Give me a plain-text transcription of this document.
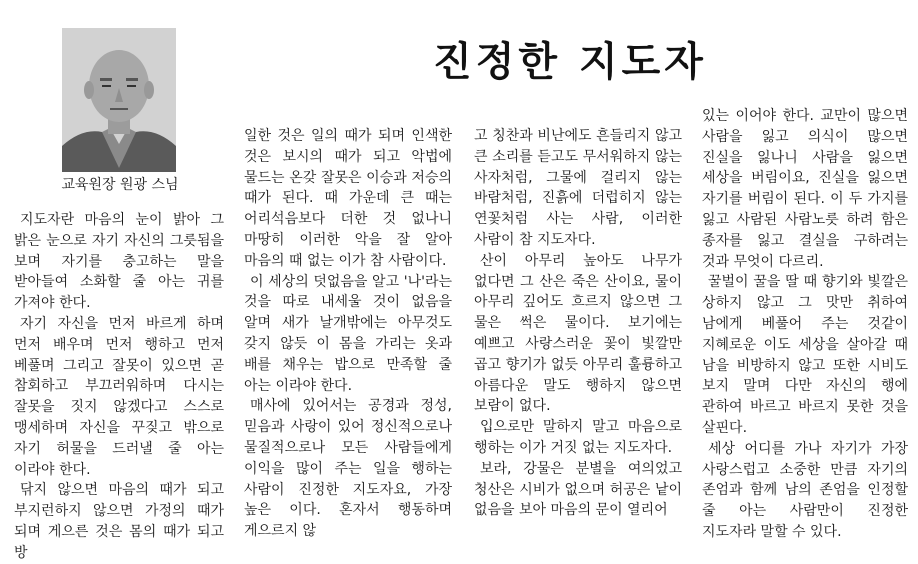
교육원장 원광 스님
진정한 지도자

지도자란 마음의 눈이 밝아 그 밝은 눈으로 자기 자신의 그릇됨을 보며 자기를 충고하는 말을 받아들여 소화할 줄 아는 귀를 가져야 한다.

자기 자신을 먼저 바르게 하며 먼저 배우며 먼저 행하고 먼저 베풀며 그리고 잘못이 있으면 곧 참회하고 부끄러워하며 다시는 잘못을 짓지 않겠다고 스스로 맹세하며 자신을 꾸짖고 밖으로 자기 허물을 드러낼 줄 아는 이라야 한다.

닦지 않으면 마음의 때가 되고 부지런하지 않으면 가정의 때가 되며 게으른 것은 몸의 때가 되고 방

일한 것은 일의 때가 되며 인색한 것은 보시의 때가 되고 악법에 물드는 온갖 잘못은 이승과 저승의 때가 된다. 때 가운데 큰 때는 어리석음보다 더한 것 없나니 마땅히 이러한 악을 잘 알아 마음의 때 없는 이가 참 사람이다.

이 세상의 덧없음을 알고 '나'라는 것을 따로 내세울 것이 없음을 알며 새가 날개밖에는 아무것도 갖지 않듯 이 몸을 가리는 옷과 배를 채우는 밥으로 만족할 줄 아는 이라야 한다.

매사에 있어서는 공경과 정성, 믿음과 사랑이 있어 정신적으로나 물질적으로나 모든 사람들에게 이익을 많이 주는 일을 행하는 사람이 진정한 지도자요, 가장 높은 이다. 혼자서 행동하며 게으르지 않

고 칭찬과 비난에도 흔들리지 않고 큰 소리를 듣고도 무서워하지 않는 사자처럼, 그물에 걸리지 않는 바람처럼, 진흙에 더럽히지 않는 연꽃처럼 사는 사람, 이러한 사람이 참 지도자다.

산이 아무리 높아도 나무가 없다면 그 산은 죽은 산이요, 물이 아무리 깊어도 흐르지 않으면 그 물은 썩은 물이다. 보기에는 예쁘고 사랑스러운 꽃이 빛깔만 곱고 향기가 없듯 아무리 훌륭하고 아름다운 말도 행하지 않으면 보람이 없다.

입으로만 말하지 말고 마음으로 행하는 이가 거짓 없는 지도자다.

보라, 강물은 분별을 여의었고 청산은 시비가 없으며 허공은 낱이 없음을 보아 마음의 문이 열리어

있는 이어야 한다. 교만이 많으면 사람을 잃고 의식이 많으면 진실을 잃나니 사람을 잃으면 세상을 버림이요, 진실을 잃으면 자기를 버림이 된다. 이 두 가지를 잃고 사람된 사람노릇 하려 함은 종자를 잃고 결실을 구하려는 것과 무엇이 다르리.

꿀벌이 꿀을 딸 때 향기와 빛깔은 상하지 않고 그 맛만 취하여 남에게 베풀어 주는 것같이 지혜로운 이도 세상을 살아갈 때 남을 비방하지 않고 또한 시비도 보지 말며 다만 자신의 행에 관하여 바르고 바르지 못한 것을 살핀다.

세상 어디를 가나 자기가 가장 사랑스럽고 소중한 만큼 자기의 존엄과 함께 남의 존엄을 인정할 줄 아는 사람만이 진정한 지도자라 말할 수 있다.
